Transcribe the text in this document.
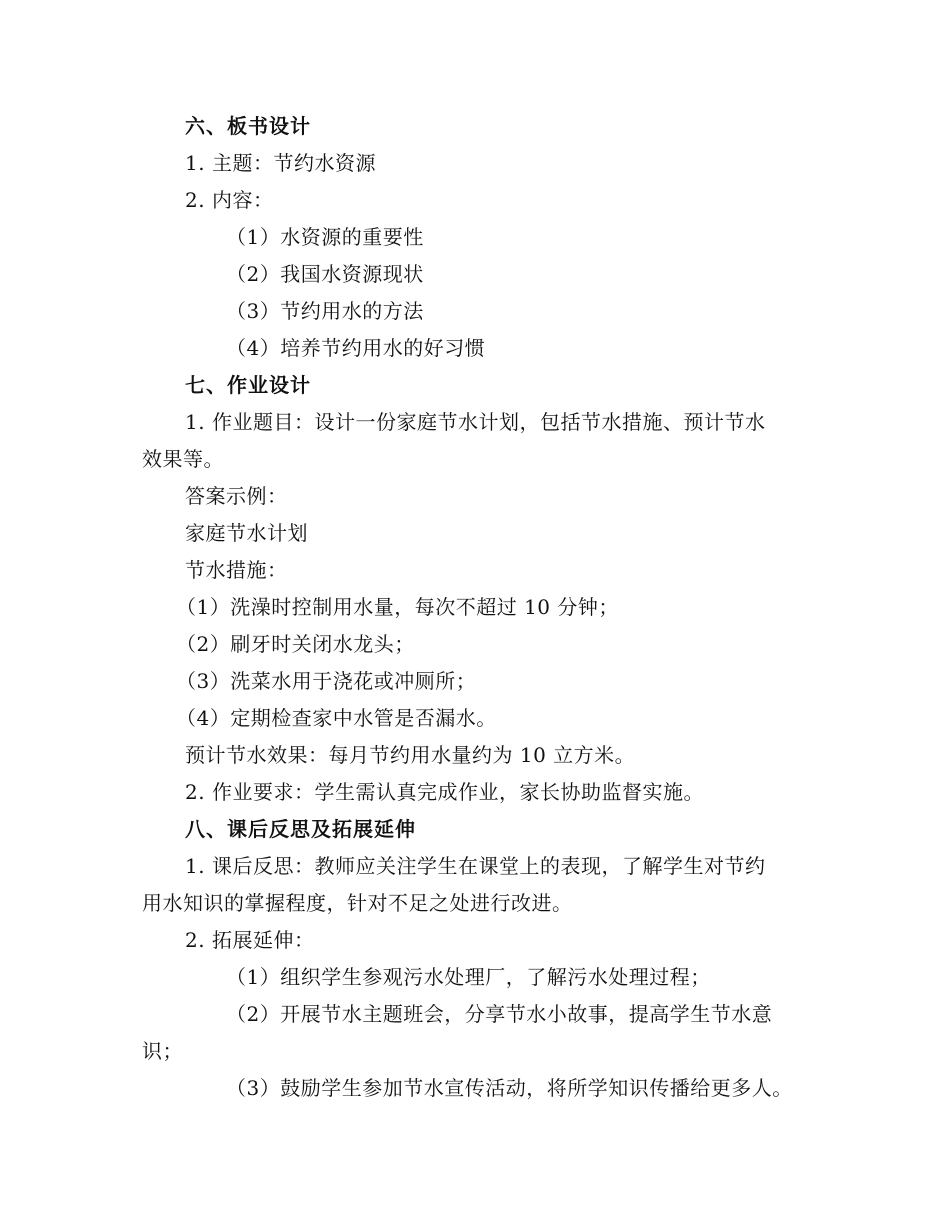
六、板书设计
1. 主题：节约水资源
2. 内容：
（1）水资源的重要性
（2）我国水资源现状
（3）节约用水的方法
（4）培养节约用水的好习惯
七、作业设计
1. 作业题目：设计一份家庭节水计划，包括节水措施、预计节水
效果等。
答案示例：
家庭节水计划
节水措施：
（1）洗澡时控制用水量，每次不超过 10 分钟；
（2）刷牙时关闭水龙头；
（3）洗菜水用于浇花或冲厕所；
（4）定期检查家中水管是否漏水。
预计节水效果：每月节约用水量约为 10 立方米。
2. 作业要求：学生需认真完成作业，家长协助监督实施。
八、课后反思及拓展延伸
1. 课后反思：教师应关注学生在课堂上的表现，了解学生对节约
用水知识的掌握程度，针对不足之处进行改进。
2. 拓展延伸：
（1）组织学生参观污水处理厂，了解污水处理过程；
（2）开展节水主题班会，分享节水小故事，提高学生节水意
识；
（3）鼓励学生参加节水宣传活动，将所学知识传播给更多人。
